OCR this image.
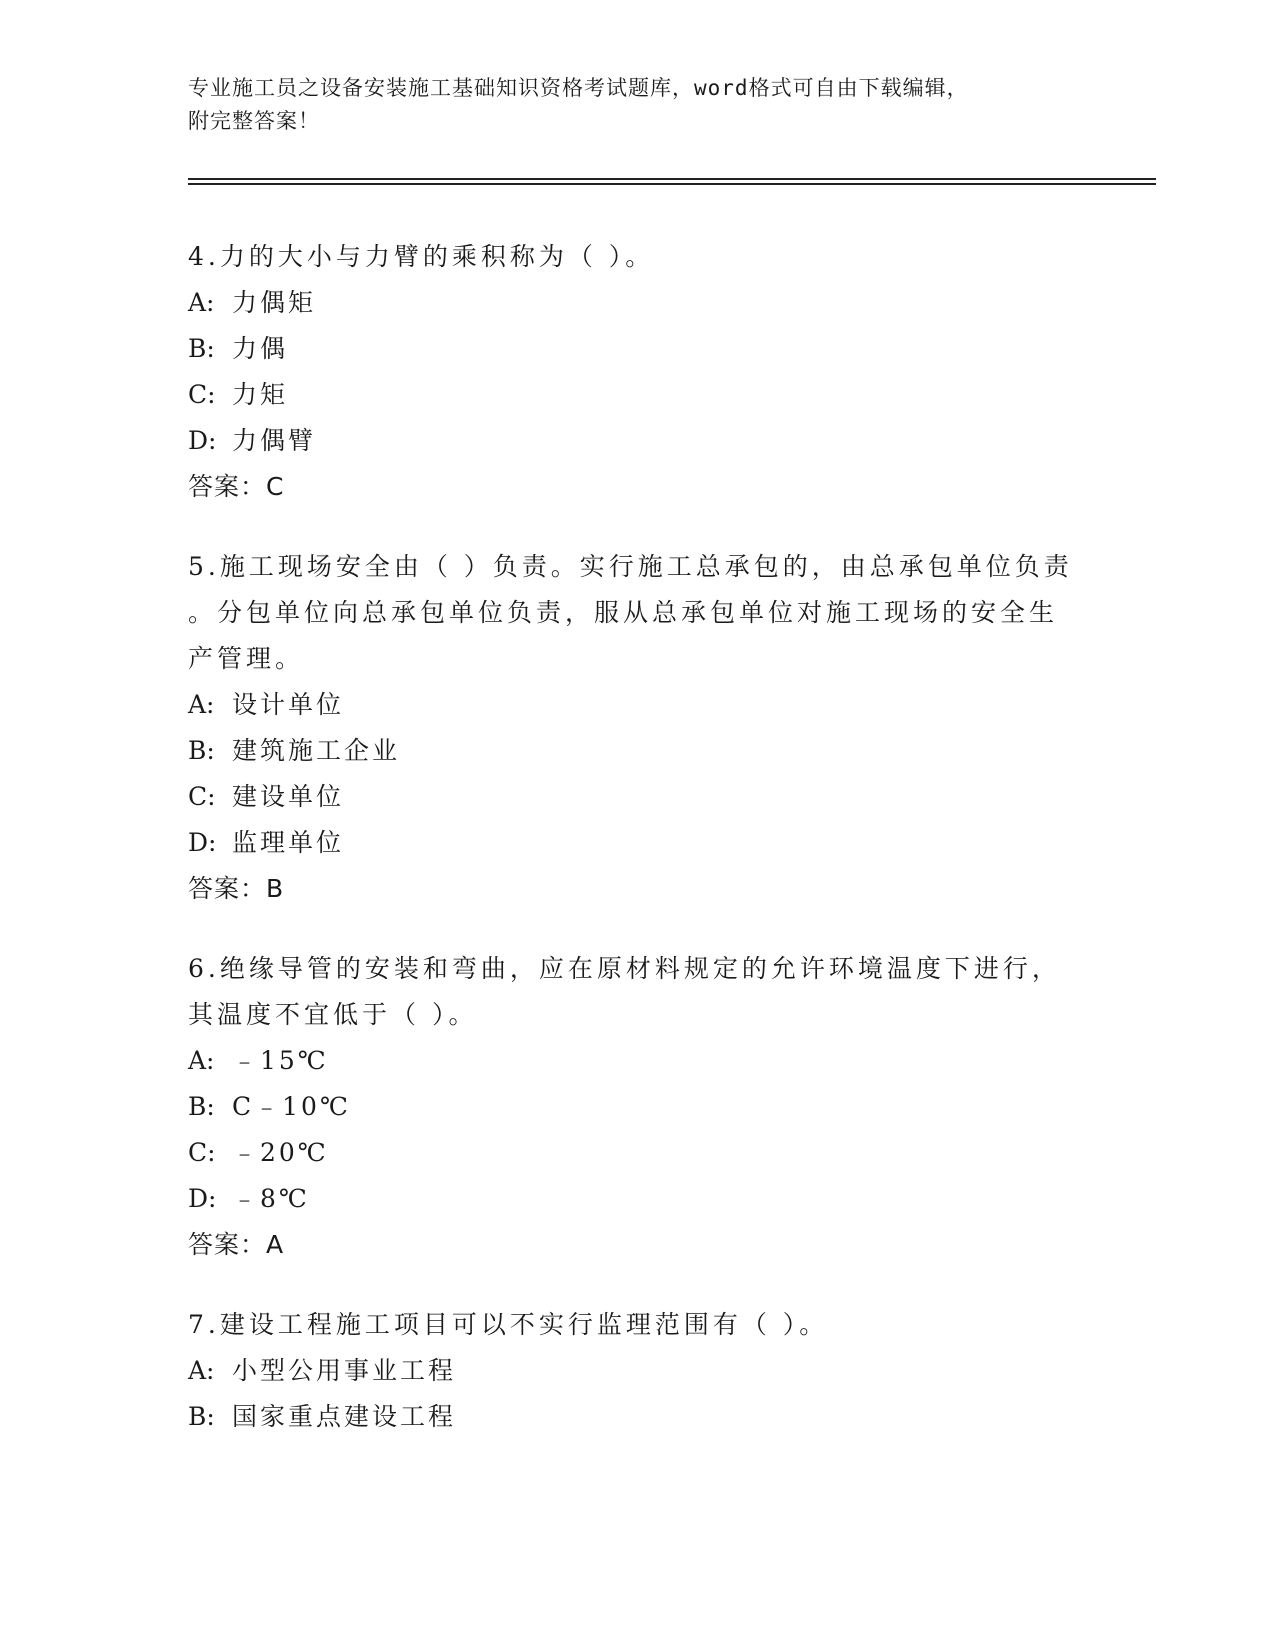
专业施工员之设备安装施工基础知识资格考试题库，word格式可自由下载编辑，
附完整答案！
4.力的大小与力臂的乘积称为（ ）。
A: 力偶矩
B: 力偶
C: 力矩
D: 力偶臂
答案：C
5.施工现场安全由（ ）负责。实行施工总承包的，由总承包单位负责
。分包单位向总承包单位负责，服从总承包单位对施工现场的安全生
产管理。
A: 设计单位
B: 建筑施工企业
C: 建设单位
D: 监理单位
答案：B
6.绝缘导管的安装和弯曲，应在原材料规定的允许环境温度下进行，
其温度不宜低于（ ）。
A: ﹣15℃
B: C﹣10℃
C: ﹣20℃
D: ﹣8℃
答案：A
7.建设工程施工项目可以不实行监理范围有（ ）。
A: 小型公用事业工程
B: 国家重点建设工程
